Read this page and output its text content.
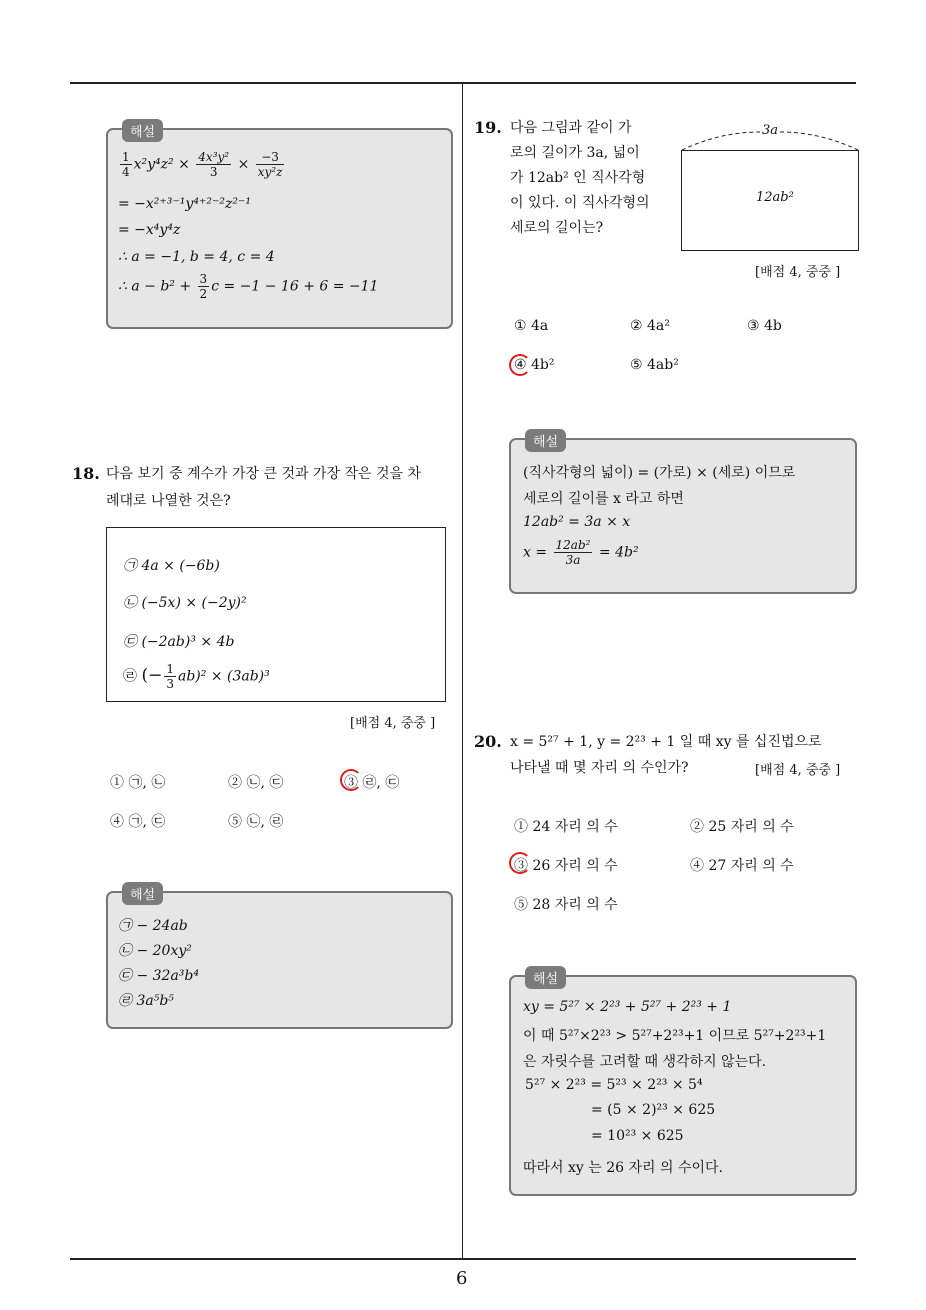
6
해설
$\frac{1}{4} x^2y^4z^2 \times \frac{\text{4x³y²}}{3} \times \frac{-3}{\text{xy²z}}$
= −x²⁺³⁻¹y⁴⁺²⁻²z²⁻¹
= −x⁴y⁴z
∴ a = −1, b = 4, c = 4
∴ $a - b^2 + \frac{3}{2}$ c = −1 − 16 + 6 = −11
18. 다음 보기 중 계수가 가장 큰 것과 가장 작은 것을 차
례대로 나열한 것은?
㉠ 4a × (−6b)
㉡ (−5x) × (−2y)²
㉢ (−2ab)³ × 4b
㉣ (− $\frac{1}{3} ab)^2 \times (3ab)^3$
[배점 4, 중중 ]
① ㉠, ㉡	② ㉡, ㉢	③ ㉣, ㉢
④ ㉠, ㉢	⑤ ㉡, ㉣
해설
㉠ − 24ab
㉡ − 20xy²
㉢ − 32a³b⁴
㉣ 3a⁵b⁵
19. 다음 그림과 같이 가
로의 길이가 3a, 넓이
가 12ab² 인 직사각형
이 있다. 이 직사각형의
세로의 길이는?
3a
12ab²
[배점 4, 중중 ]
① 4a	② 4a²	③ 4b
④ 4b²	⑤ 4ab²
해설
(직사각형의 넓이) = (가로) × (세로) 이므로
세로의 길이를 x 라고 하면
12ab² = 3a × x
$x = \frac{\text{12ab²}}{3a} = 4b^2$
20. x = 5²⁷ + 1, y = 2²³ + 1 일 때 xy 를 십진법으로
나타낼 때 몇 자리 의 수인가?	[배점 4, 중중 ]
① 24 자리 의 수	② 25 자리 의 수
③ 26 자리 의 수	④ 27 자리 의 수
⑤ 28 자리 의 수
해설
xy = 5²⁷ × 2²³ + 5²⁷ + 2²³ + 1
이 때 5²⁷×2²³ > 5²⁷+2²³+1 이므로 5²⁷+2²³+1
은 자릿수를 고려할 때 생각하지 않는다.
5²⁷ × 2²³ = 5²³ × 2²³ × 5⁴
= (5 × 2)²³ × 625
= 10²³ × 625
따라서 xy 는 26 자리 의 수이다.
